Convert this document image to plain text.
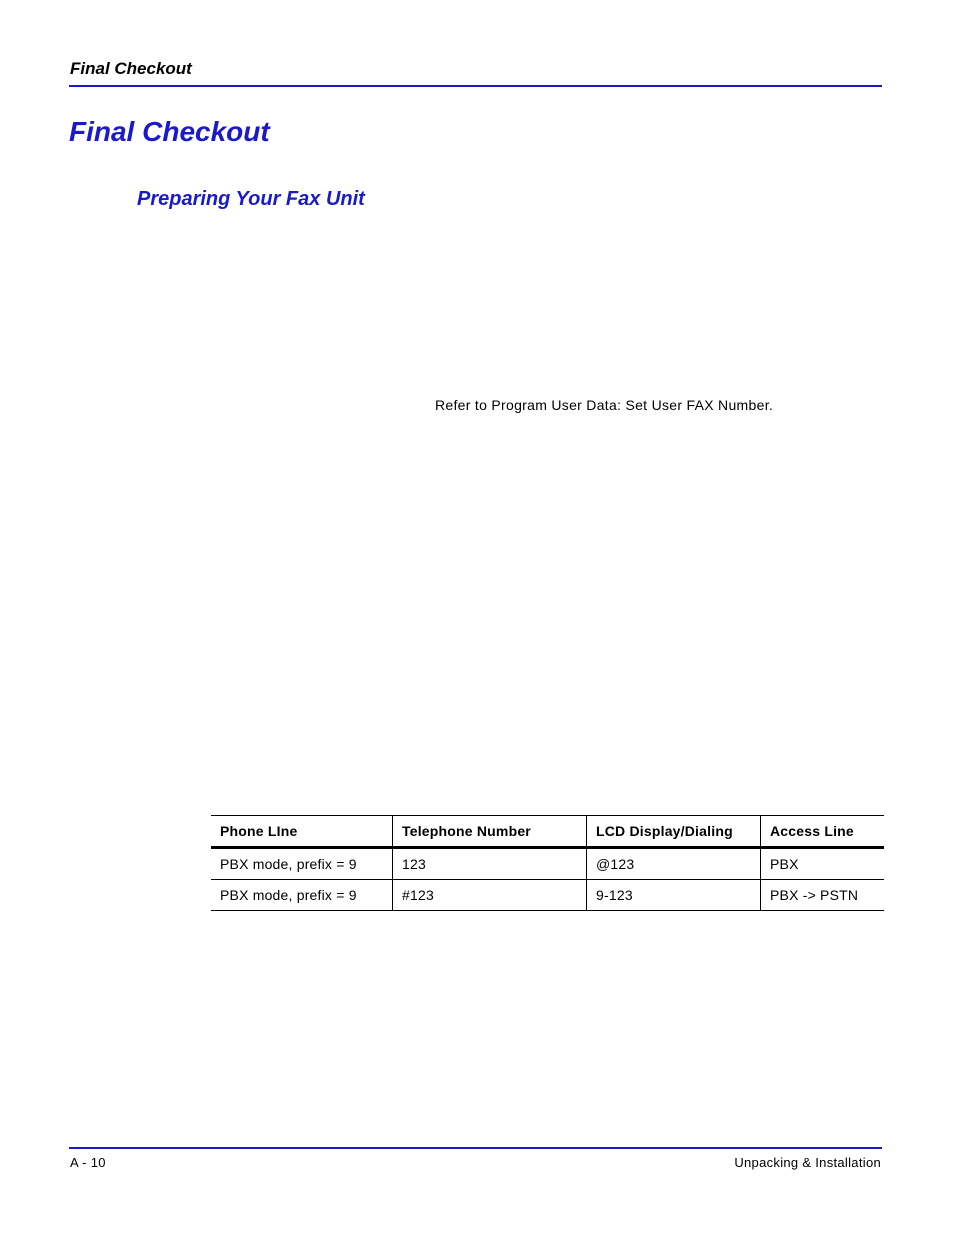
Final Checkout
Final Checkout
Preparing Your Fax Unit
Refer to Program User Data: Set User FAX Number.
Phone LIne	Telephone Number	LCD Display/Dialing	Access Line
PBX mode, prefix = 9	123	@123	PBX
PBX mode, prefix = 9	#123	9-123	PBX -> PSTN
A - 10	Unpacking & Installation
